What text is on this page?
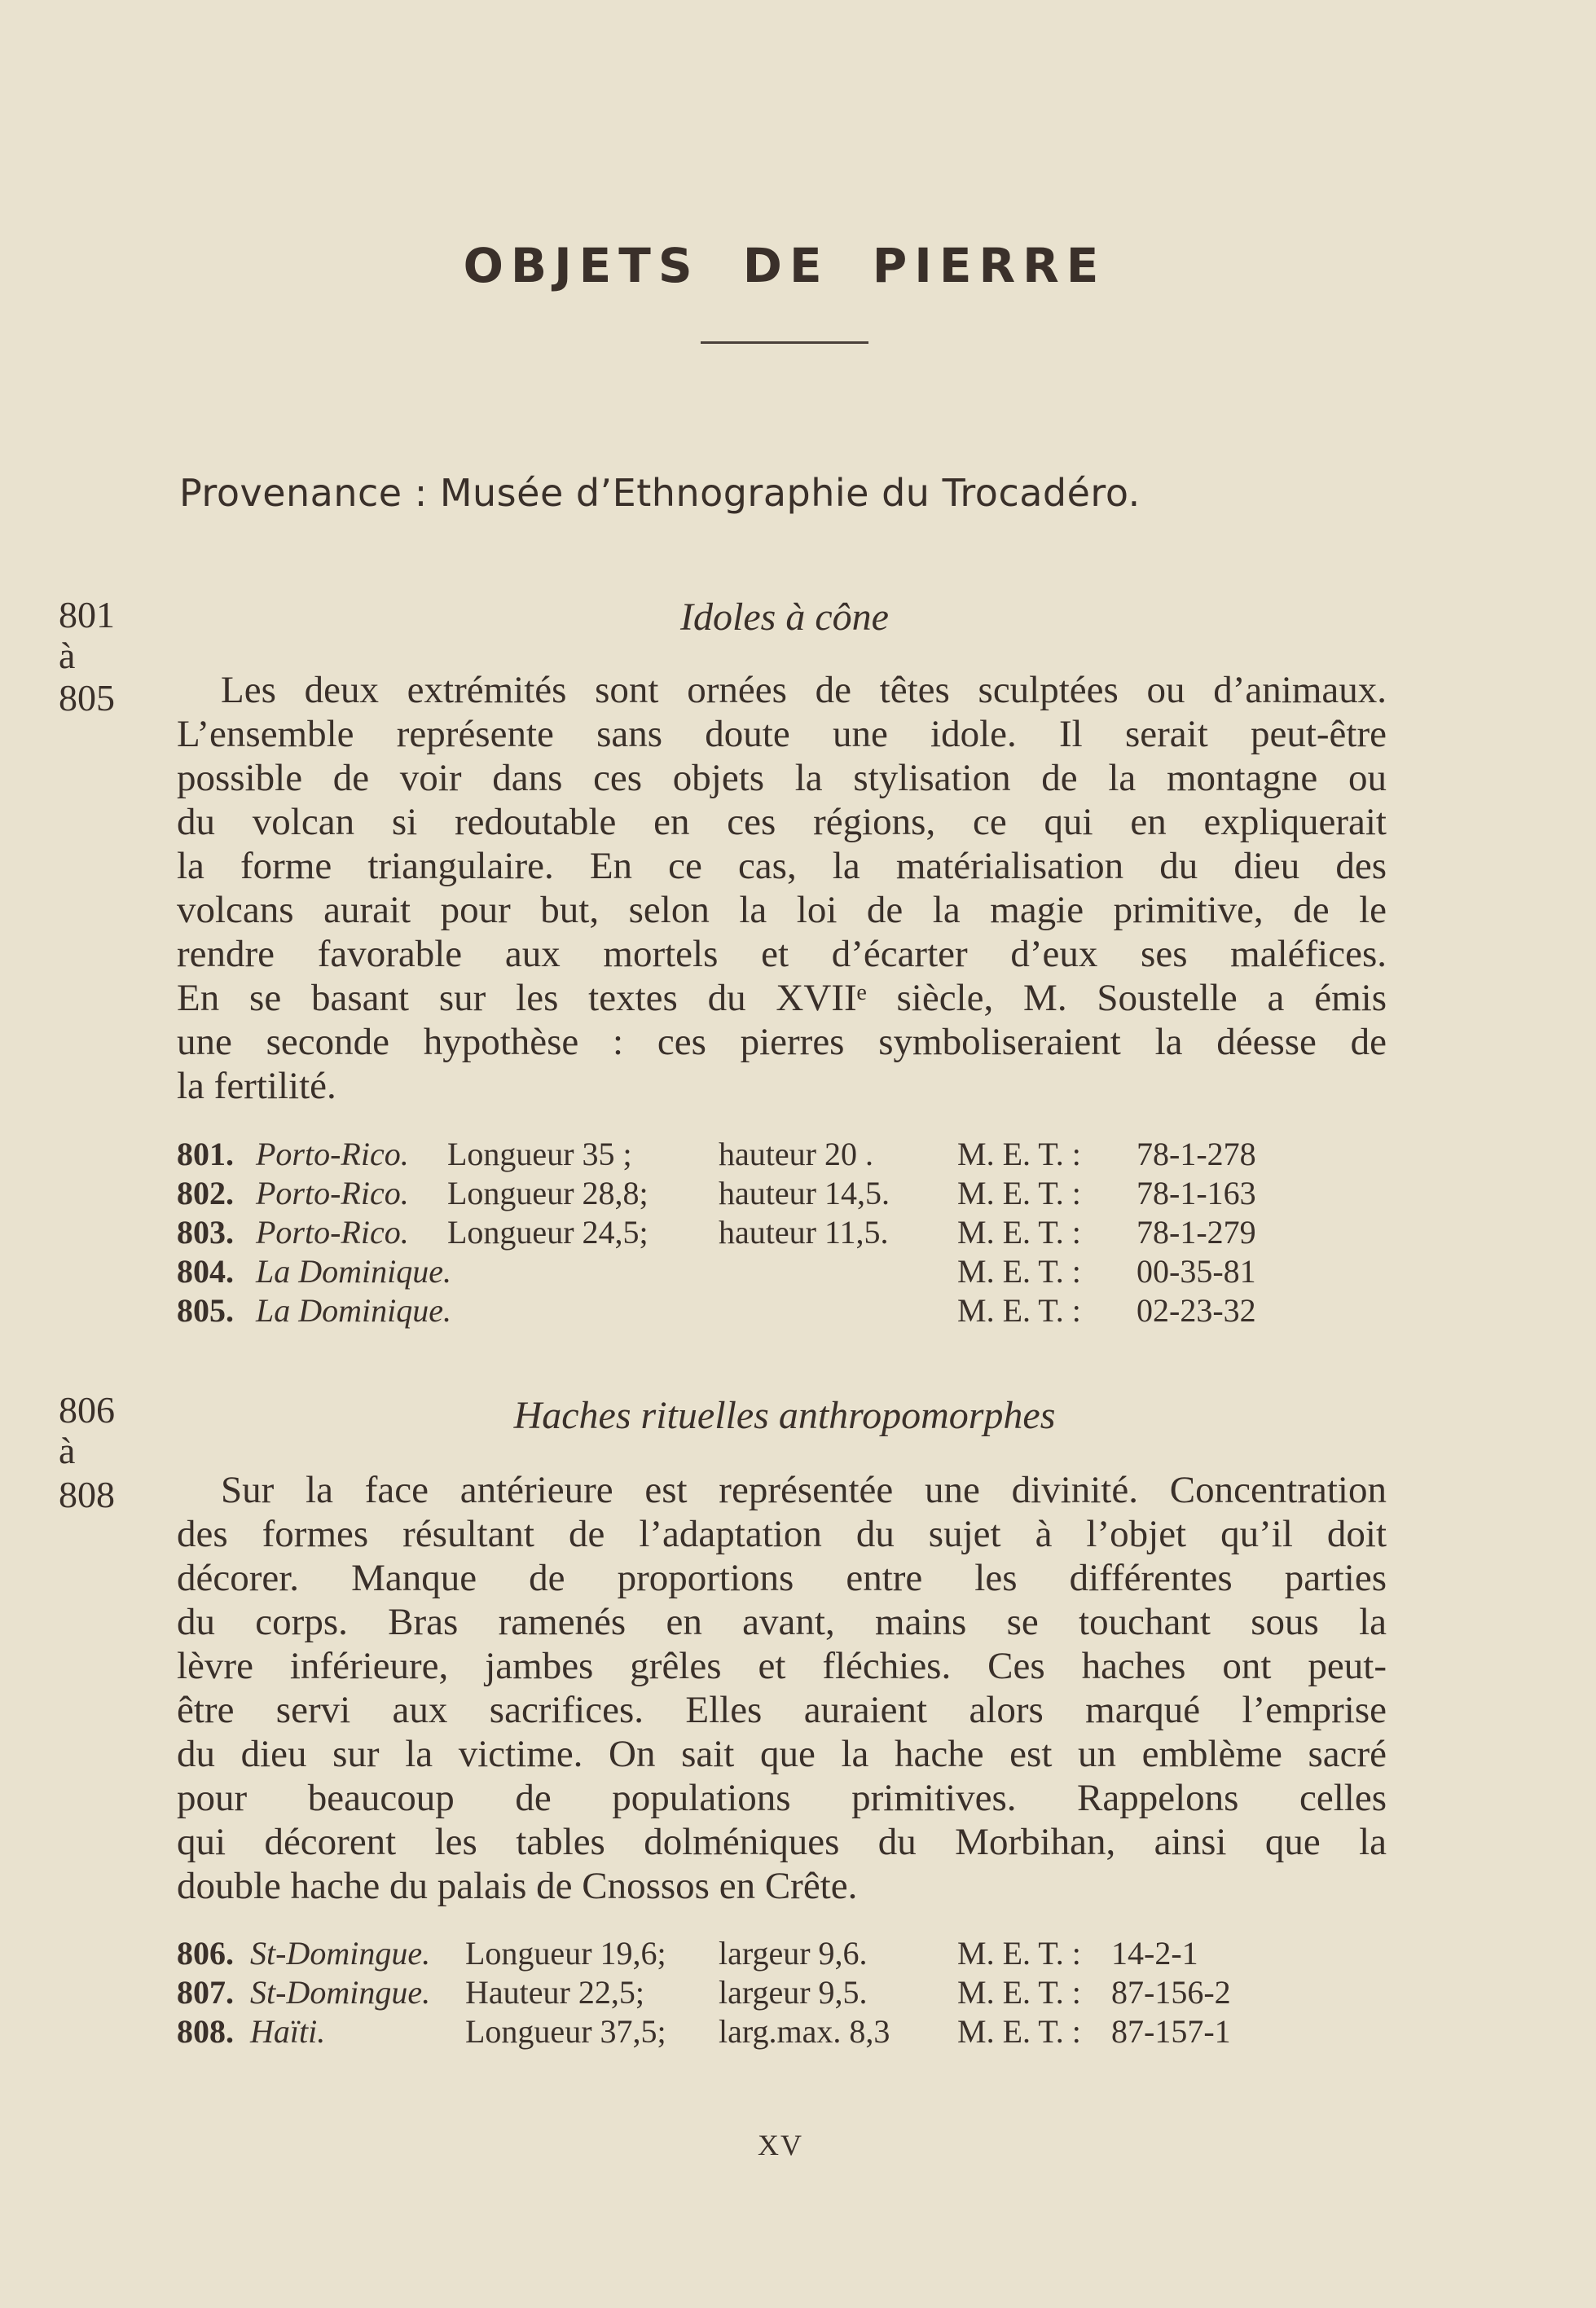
OBJETS DE PIERRE
Provenance : Musée d’Ethnographie du Trocadéro.
801
à
805
Idoles à cône
Les deux extrémités sont ornées de têtes sculptées ou d’animaux.
L’ensemble représente sans doute une idole. Il serait peut-être
possible de voir dans ces objets la stylisation de la montagne ou
du volcan si redoutable en ces régions, ce qui en expliquerait
la forme triangulaire. En ce cas, la matérialisation du dieu des
volcans aurait pour but, selon la loi de la magie primitive, de le
rendre favorable aux mortels et d’écarter d’eux ses maléfices.
En se basant sur les textes du XVIIᵉ siècle, M. Soustelle a émis
une seconde hypothèse : ces pierres symboliseraient la déesse de
la fertilité.
801. Porto-Rico. Longueur 35 ;	hauteur 20 .	M. E. T. : 78-1-278
802. Porto-Rico. Longueur 28,8; hauteur 14,5. M. E. T. : 78-1-163
803. Porto-Rico. Longueur 24,5; hauteur 11,5. M. E. T. : 78-1-279
804. La Dominique.	M. E. T. : 00-35-81
805. La Dominique.	M. E. T. : 02-23-32
806
à
808
Haches rituelles anthropomorphes
Sur la face antérieure est représentée une divinité. Concentration
des formes résultant de l’adaptation du sujet à l’objet qu’il doit
décorer. Manque de proportions entre les différentes parties
du corps. Bras ramenés en avant, mains se touchant sous la
lèvre inférieure, jambes grêles et fléchies. Ces haches ont peut-
être servi aux sacrifices. Elles auraient alors marqué l’emprise
du dieu sur la victime. On sait que la hache est un emblème sacré
pour beaucoup de populations primitives. Rappelons celles
qui décorent les tables dolméniques du Morbihan, ainsi que la
double hache du palais de Cnossos en Crête.
806. St-Domingue. Longueur 19,6; largeur 9,6.	M. E. T. : 14-2-1
807. St-Domingue. Hauteur 22,5; largeur 9,5.	M. E. T. : 87-156-2
808. Haïti.	Longueur 37,5; larg.max. 8,3 M. E. T. : 87-157-1
XV
